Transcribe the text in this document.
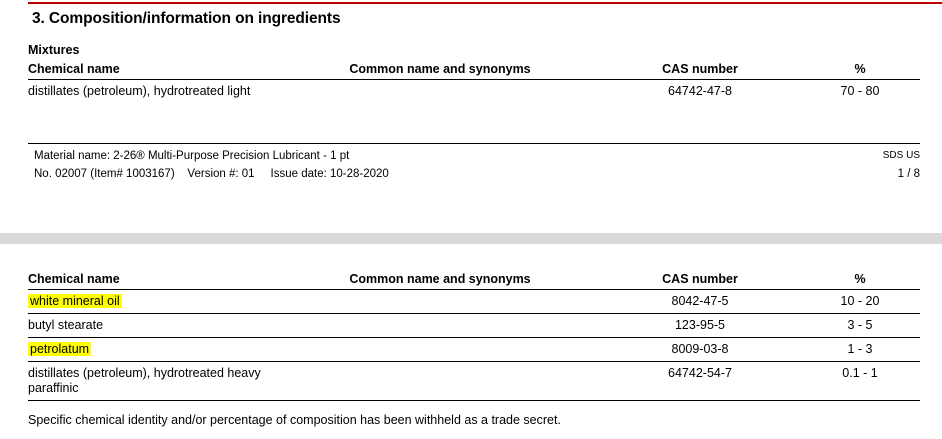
3. Composition/information on ingredients
Mixtures
Chemical name	Common name and synonyms	CAS number	%
distillates (petroleum), hydrotreated light		64742-47-8	70 - 80
Material name: 2-26® Multi-Purpose Precision Lubricant - 1 pt	SDS US
No. 02007 (Item# 1003167)    Version #: 01     Issue date: 10-28-2020	1 / 8
Chemical name	Common name and synonyms	CAS number	%
white mineral oil		8042-47-5	10 - 20
butyl stearate		123-95-5	3 - 5
petrolatum		8009-03-8	1 - 3
distillates (petroleum), hydrotreated heavy paraffinic		64742-54-7	0.1 - 1
Specific chemical identity and/or percentage of composition has been withheld as a trade secret.
